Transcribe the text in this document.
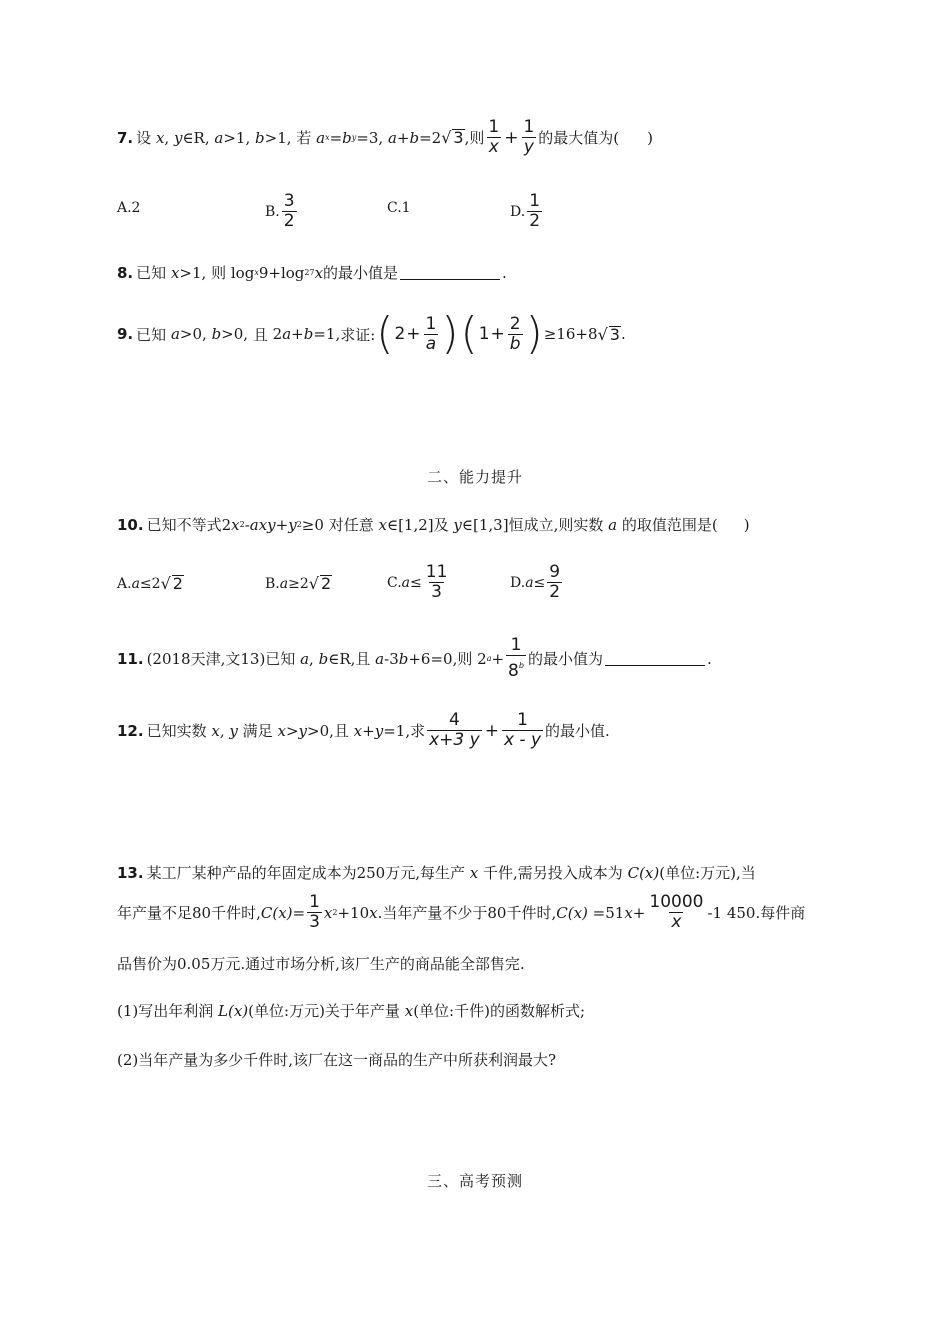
7. 设
x ,
y ∈R,
a >1,
b >1,
若
a x = b y =3,
a+b =2 √ 3 ,则 $\frac{1}{x} + \frac{1}{y}$ 的最大值为( )
A.2	B. $\frac{3}{2}$	C.1	D. $\frac{1}{2}$
8. 已知
x >1,
则
log x 9+log 27 x 的最小值是	.
9. 已知
a >0,
b >0,
且
2 a + b =1, 求证: ( $2 + \frac{1}{a}$ ) ( $1 + \frac{2}{b}$ ) ≥16+8 √ 3 .
二、能力提升
10. 已知不等式 2 x 2 -axy+y 2 ≥0
对任意
x ∈[1,2]及
y ∈[1,3]恒成立,则实数
a
的取值范围是( )
A. a ≤2 √ 2	B. a ≥2 √ 2	C. $a \le \frac{11}{3}$	D. $a \le \frac{9}{2}$
11. (2018天津,文13)已知
a ,
b ∈R,且
a -3 b +6=0,则
2 $a + \frac{1}{8^b}$ 的最小值为	.
12. 已知实数
x ,
y
满足
x > y >0,且
x + y =1,求 $\frac{4}{x+3 y} + \frac{1}{x - y}$ 的最小值.
13. 某工厂某种产品的年固定成本为250万元,每生产
x
千件,需另投入成本为
C (x) (单位:万元),当
年产量不足80千件时, C $(x) = \frac{1}{3}$ x 2 +10 x .当年产量不少于80千件时, C (x)
=51 $x + \frac{10000}{x} -1$ 450.每件商
品售价为0.05万元.通过市场分析,该厂生产的商品能全部售完.
(1)写出年利润
L (x) (单位:万元)关于年产量
x (单位:千件)的函数解析式;
(2)当年产量为多少千件时,该厂在这一商品的生产中所获利润最大?
三、高考预测
